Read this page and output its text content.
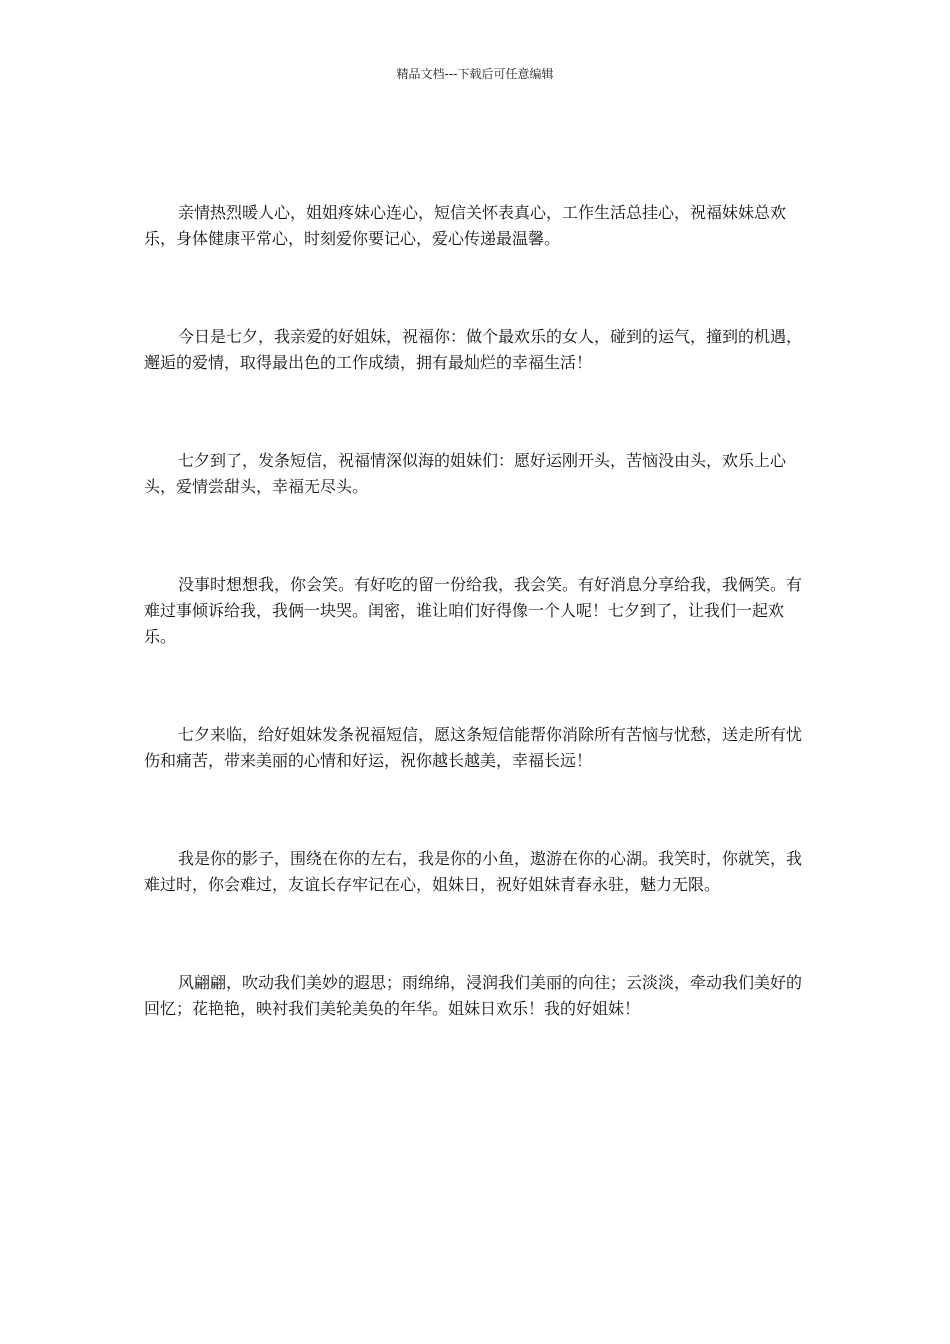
精品文档---下载后可任意编辑

亲情热烈暖人心，姐姐疼妹心连心，短信关怀表真心，工作生活总挂心，祝福妹妹总欢乐，身体健康平常心，时刻爱你要记心，爱心传递最温馨。

今日是七夕，我亲爱的好姐妹，祝福你：做个最欢乐的女人，碰到的运气，撞到的机遇，邂逅的爱情，取得最出色的工作成绩，拥有最灿烂的幸福生活！

七夕到了，发条短信，祝福情深似海的姐妹们：愿好运刚开头，苦恼没由头，欢乐上心头，爱情尝甜头，幸福无尽头。

没事时想想我，你会笑。有好吃的留一份给我，我会笑。有好消息分享给我，我俩笑。有难过事倾诉给我，我俩一块哭。闺密，谁让咱们好得像一个人呢！七夕到了，让我们一起欢乐。

七夕来临，给好姐妹发条祝福短信，愿这条短信能帮你消除所有苦恼与忧愁，送走所有忧伤和痛苦，带来美丽的心情和好运，祝你越长越美，幸福长远！

我是你的影子，围绕在你的左右，我是你的小鱼，遨游在你的心湖。我笑时，你就笑，我难过时，你会难过，友谊长存牢记在心，姐妹日，祝好姐妹青春永驻，魅力无限。

风翩翩，吹动我们美妙的遐思；雨绵绵，浸润我们美丽的向往；云淡淡，牵动我们美好的回忆；花艳艳，映衬我们美轮美奂的年华。姐妹日欢乐！我的好姐妹！
